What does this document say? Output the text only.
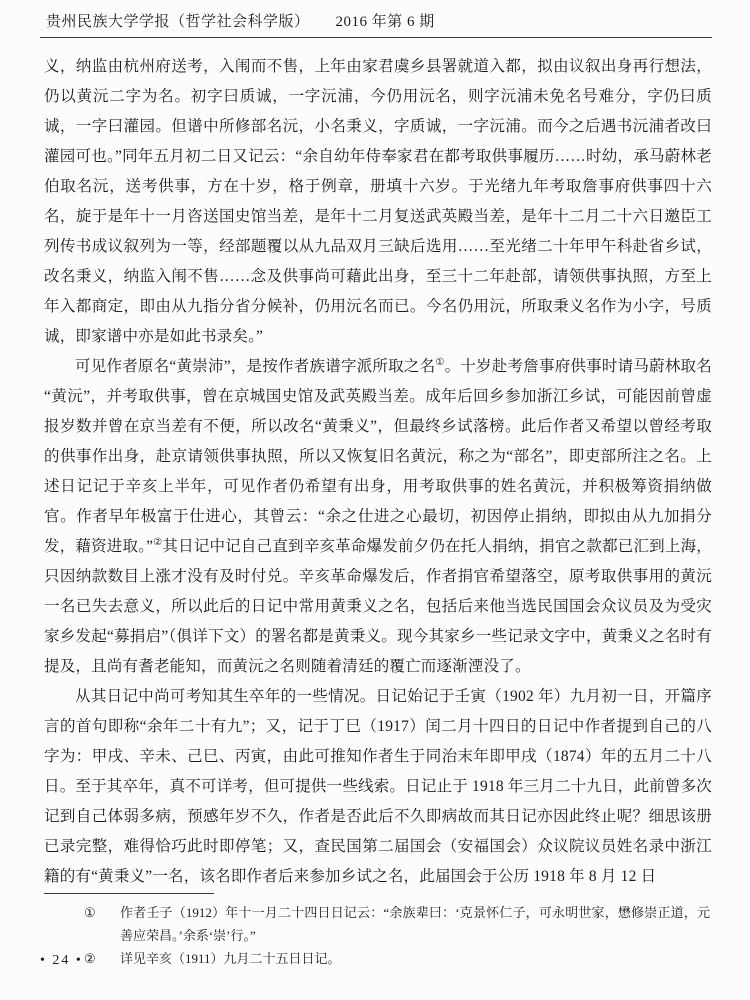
贵州民族大学学报（哲学社会科学版） 2016 年第 6 期

义，纳监由杭州府送考，入闱而不售，上年由家君虞乡县署就道入都，拟由议叙出身再行想法，仍以黄沅二字为名。初字曰质诚，一字沅浦，今仍用沅名，则字沅浦未免名号难分，字仍曰质诚，一字曰灌园。但谱中所修部名沅，小名秉义，字质诚，一字沅浦。而今之后遇书沅浦者改曰灌园可也。”同年五月初二日又记云：“余自幼年侍奉家君在都考取供事履历……时幼，承马蔚林老伯取名沅，送考供事，方在十岁，格于例章，册填十六岁。于光绪九年考取詹事府供事四十六名，旋于是年十一月咨送国史馆当差，是年十二月复送武英殿当差，是年十二月二十六日邀臣工列传书成议叙列为一等，经部题覆以从九品双月三缺后选用……至光绪二十年甲午科赴省乡试，改名秉义，纳监入闱不售……念及供事尚可藉此出身，至三十二年赴部，请领供事执照，方至上年入都商定，即由从九指分省分候补，仍用沅名而已。今名仍用沅，所取秉义名作为小字，号质诚，即家谱中亦是如此书录矣。”

可见作者原名“黄崇沛”，是按作者族谱字派所取之名①。十岁赴考詹事府供事时请马蔚林取名“黄沅”，并考取供事，曾在京城国史馆及武英殿当差。成年后回乡参加浙江乡试，可能因前曾虚报岁数并曾在京当差有不便，所以改名“黄秉义”，但最终乡试落榜。此后作者又希望以曾经考取的供事作出身，赴京请领供事执照，所以又恢复旧名黄沅，称之为“部名”，即吏部所注之名。上述日记记于辛亥上半年，可见作者仍希望有出身，用考取供事的姓名黄沅，并积极筹资捐纳做官。作者早年极富于仕进心，其曾云：“余之仕进之心最切，初因停止捐纳，即拟由从九加捐分发，藉资进取。”②其日记中记自己直到辛亥革命爆发前夕仍在托人捐纳，捐官之款都已汇到上海，只因纳款数目上涨才没有及时付兑。辛亥革命爆发后，作者捐官希望落空，原考取供事用的黄沅一名已失去意义，所以此后的日记中常用黄秉义之名，包括后来他当选民国国会众议员及为受灾家乡发起“募捐启”（俱详下文）的署名都是黄秉义。现今其家乡一些记录文字中，黄秉义之名时有提及，且尚有耆老能知，而黄沅之名则随着清廷的覆亡而逐渐湮没了。

从其日记中尚可考知其生卒年的一些情况。日记始记于壬寅（1902 年）九月初一日，开篇序言的首句即称“余年二十有九”；又，记于丁巳（1917）闰二月十四日的日记中作者提到自己的八字为：甲戌、辛未、己巳、丙寅，由此可推知作者生于同治末年即甲戌（1874）年的五月二十八日。至于其卒年，真不可详考，但可提供一些线索。日记止于 1918 年三月二十九日，此前曾多次记到自己体弱多病，预感年岁不久，作者是否此后不久即病故而其日记亦因此终止呢？细思该册已录完整，难得恰巧此时即停笔；又，查民国第二届国会（安福国会）众议院议员姓名录中浙江籍的有“黄秉义”一名，该名即作者后来参加乡试之名，此届国会于公历 1918 年 8 月 12 日

①	作者壬子（1912）年十一月二十四日日记云：“余族辈曰：‘克景怀仁子，可永明世家，懋修崇正道，元善应荣昌。’余系‘崇’行。”
②	详见辛亥（1911）九月二十五日日记。
• 24 •
